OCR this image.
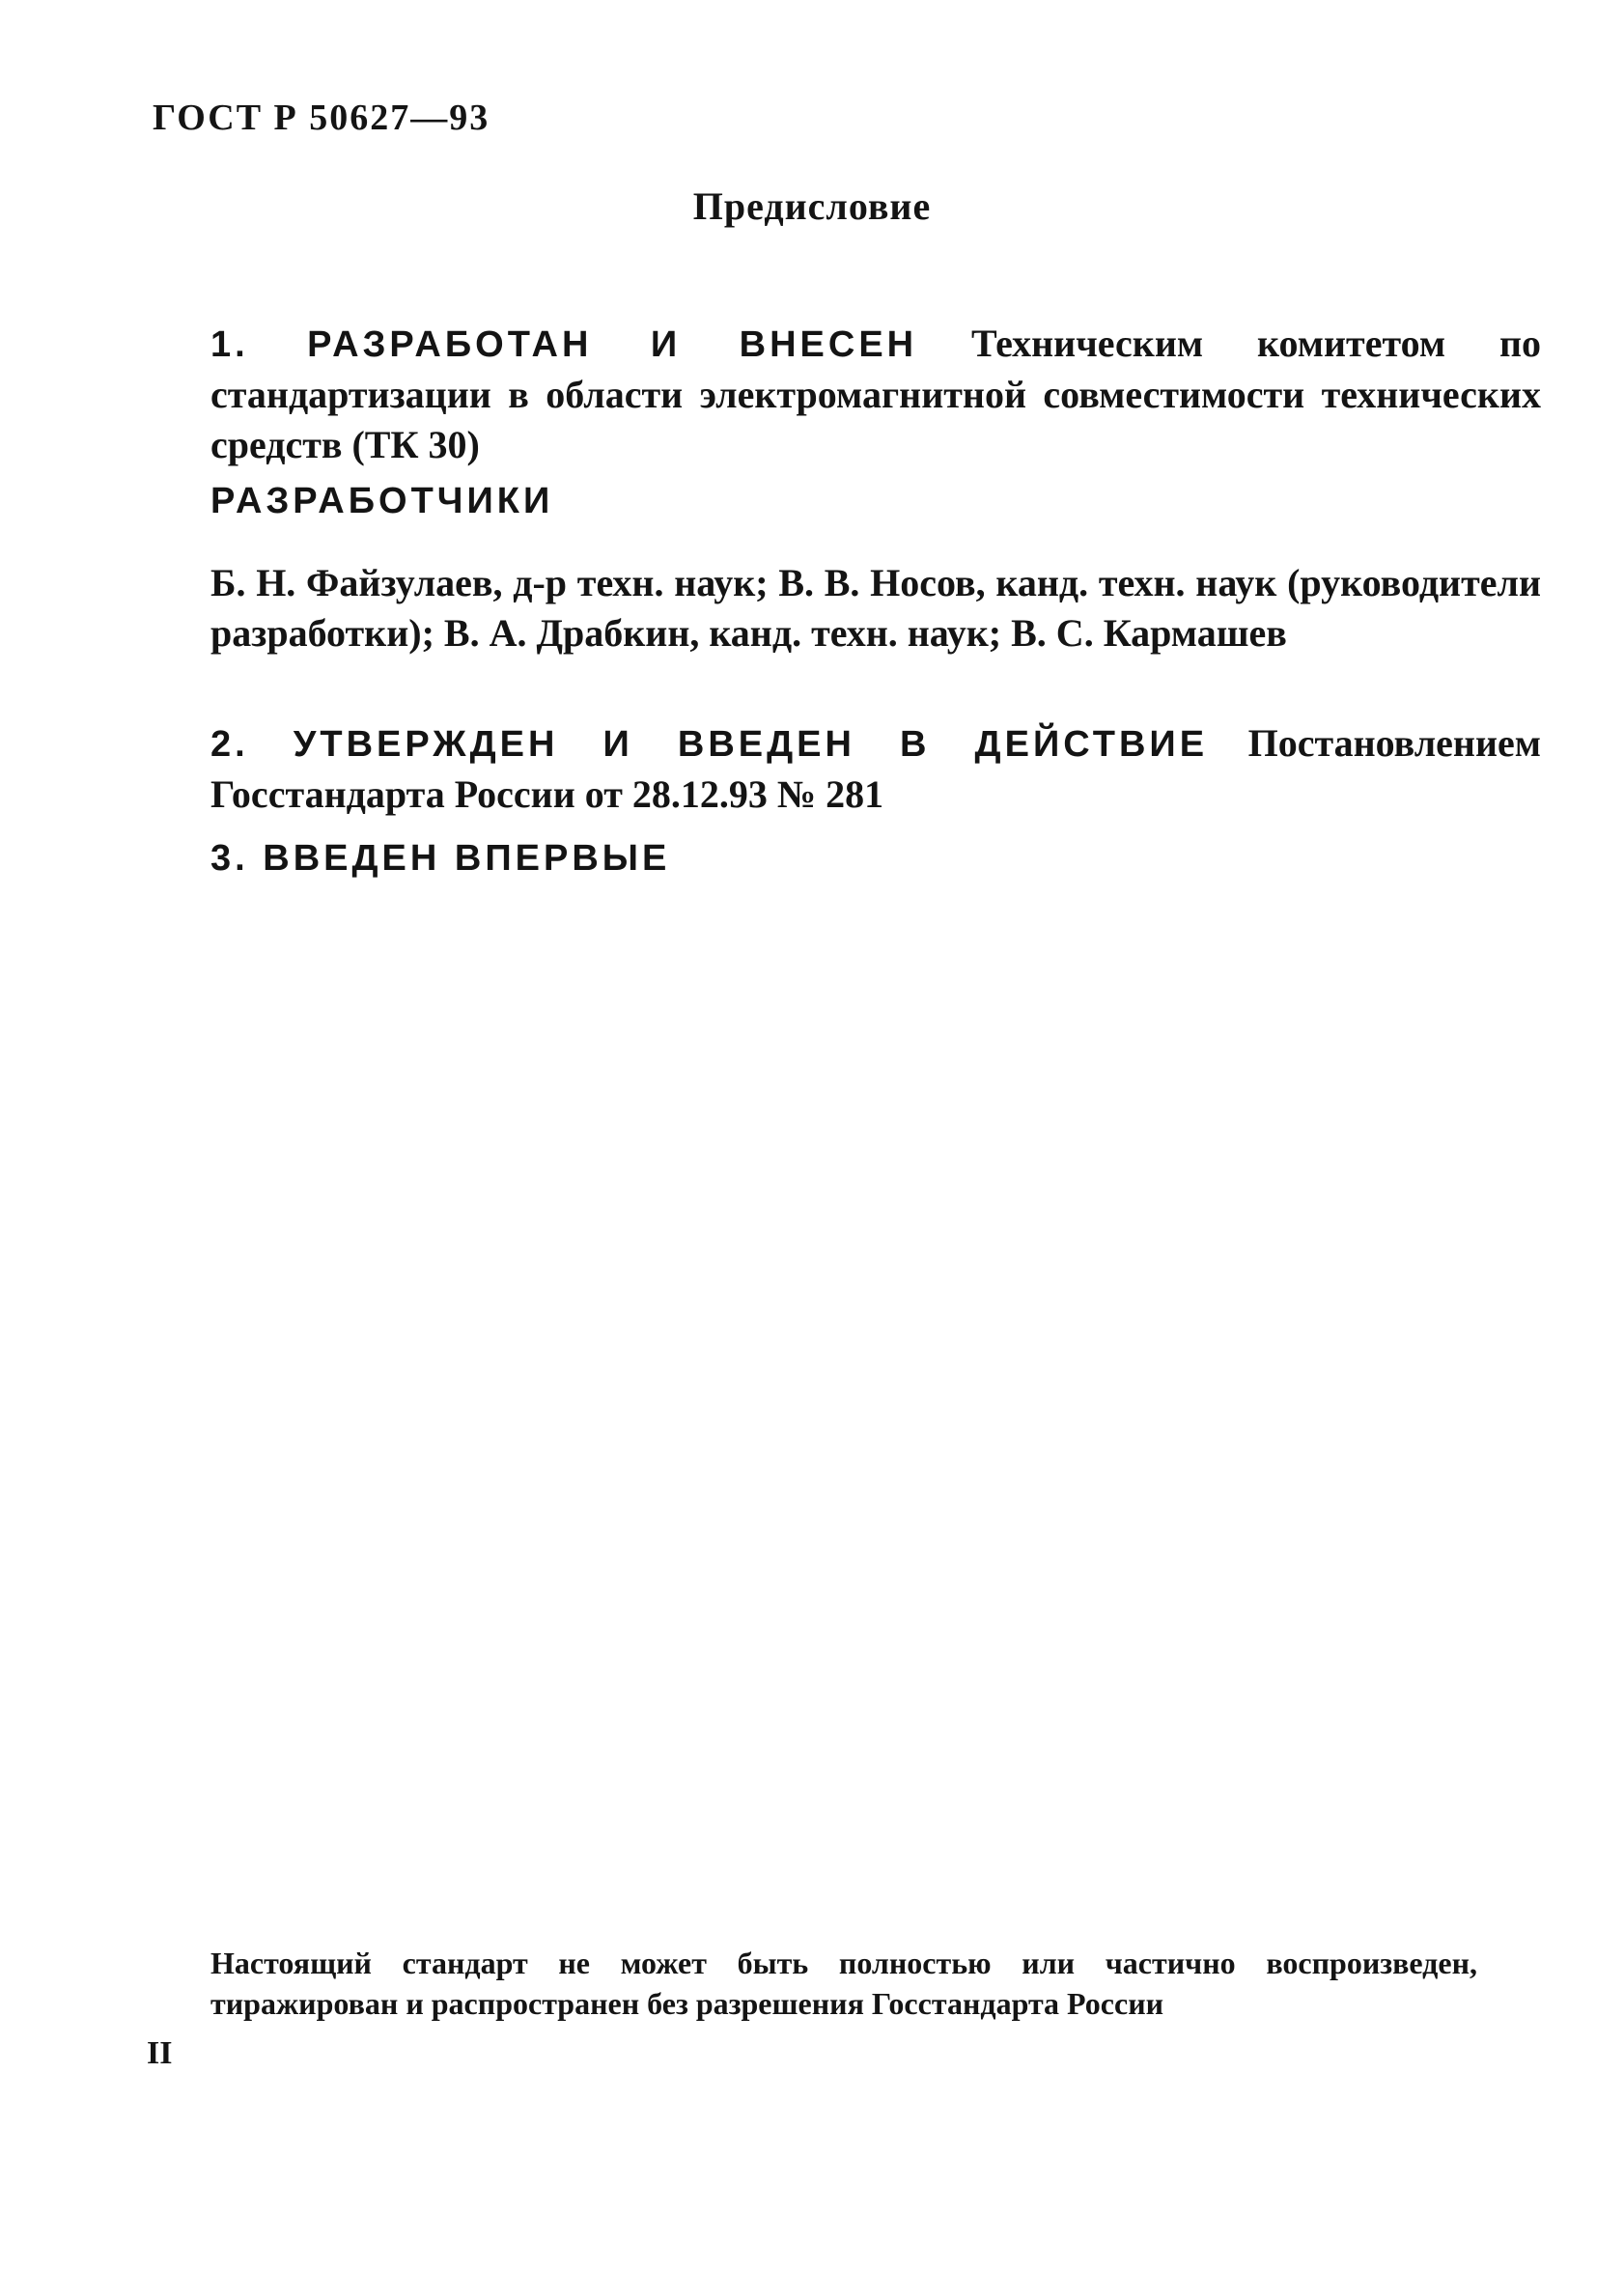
ГОСТ Р 50627—93
Предисловие
1. РАЗРАБОТАН И ВНЕСЕН Техническим комитетом по стандартизации в области электромагнитной совместимости технических средств (ТК 30)
РАЗРАБОТЧИКИ
Б. Н. Файзулаев, д-р техн. наук; В. В. Носов, канд. техн. наук (руководители разработки); В. А. Драбкин, канд. техн. наук; В. С. Кармашев
2. УТВЕРЖДЕН И ВВЕДЕН В ДЕЙСТВИЕ Постановлением Госстандарта России от 28.12.93 № 281
3. ВВЕДЕН ВПЕРВЫЕ
Настоящий стандарт не может быть полностью или частично воспроизведен, тиражирован и распространен без разрешения Госстандарта России
II
